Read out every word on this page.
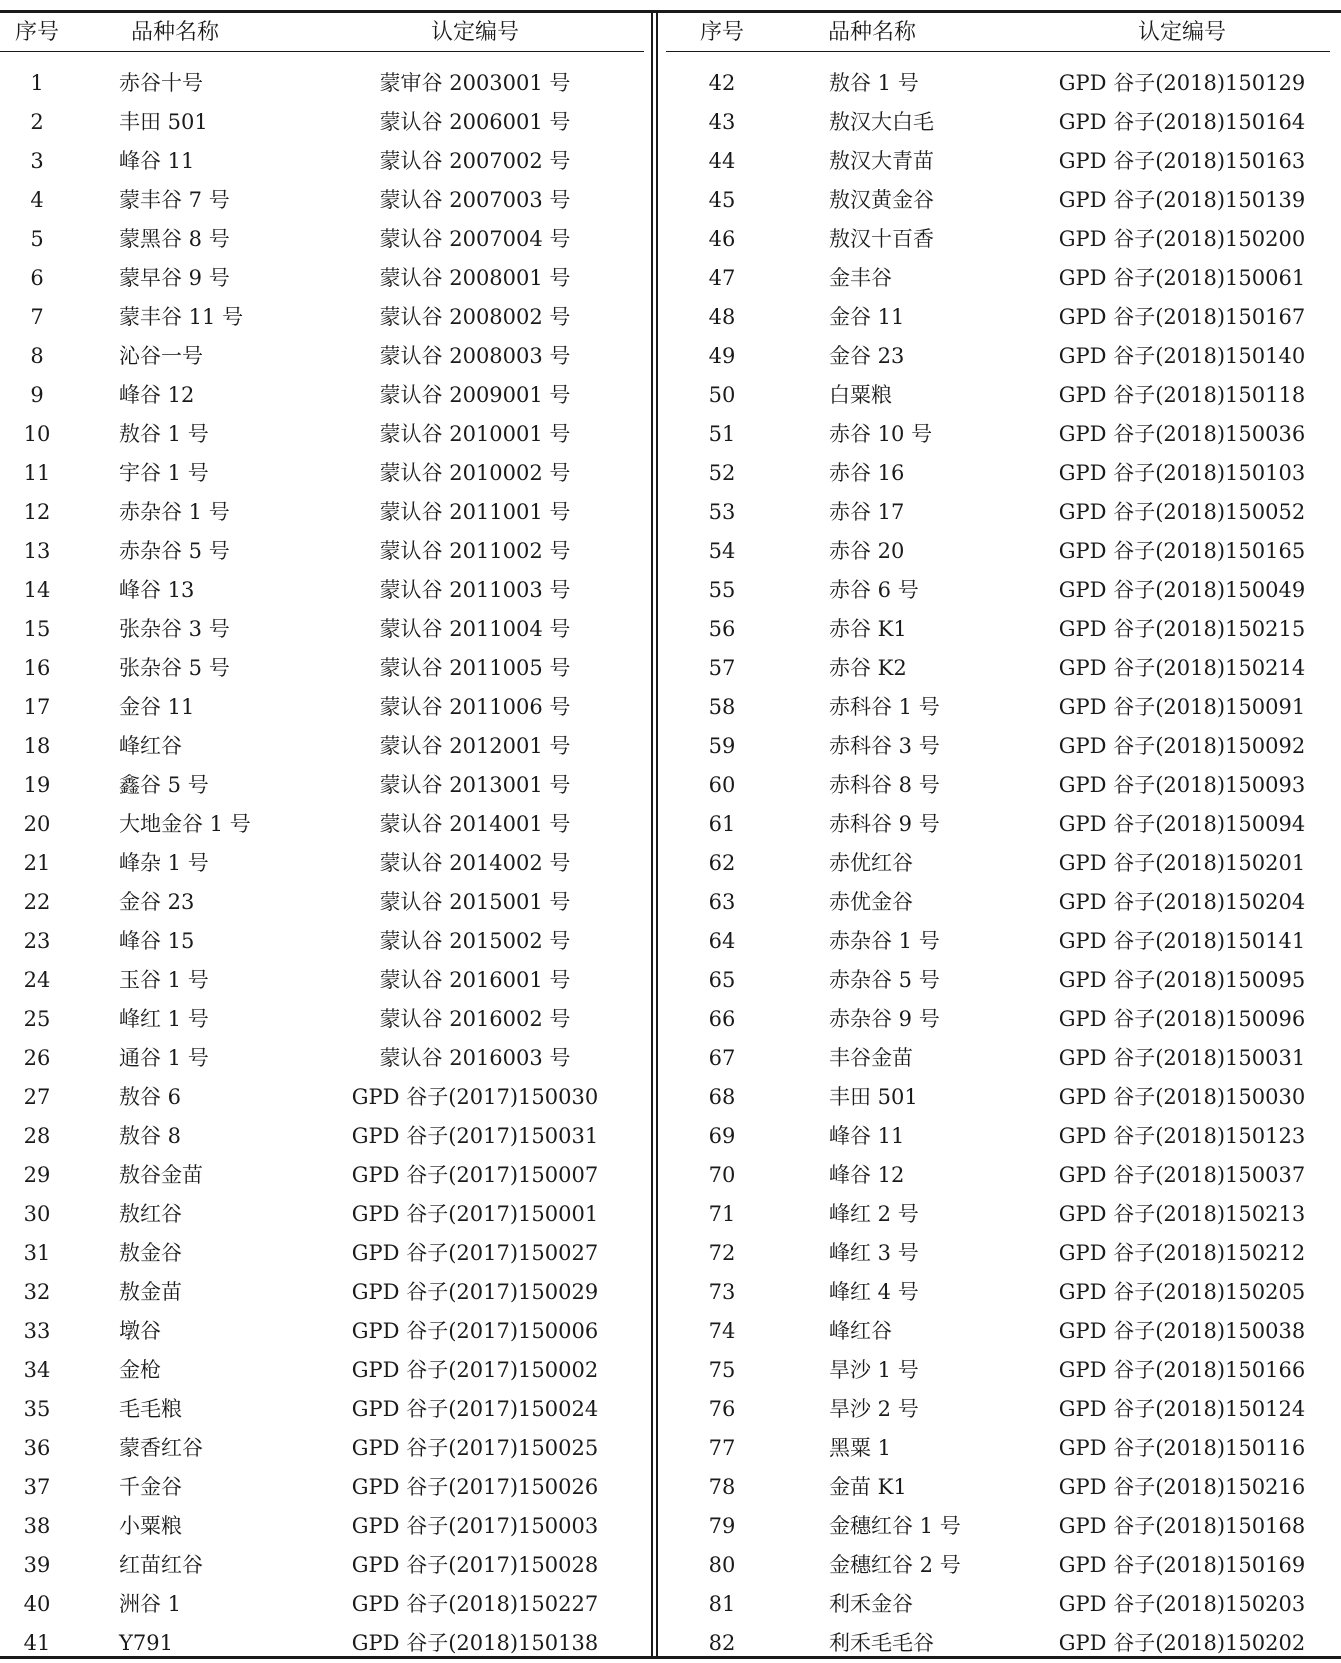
序号	品种名称	认定编号
1	赤谷十号	蒙审谷 2003001 号
2	丰田 501	蒙认谷 2006001 号
3	峰谷 11	蒙认谷 2007002 号
4	蒙丰谷 7 号	蒙认谷 2007003 号
5	蒙黑谷 8 号	蒙认谷 2007004 号
6	蒙早谷 9 号	蒙认谷 2008001 号
7	蒙丰谷 11 号	蒙认谷 2008002 号
8	沁谷一号	蒙认谷 2008003 号
9	峰谷 12	蒙认谷 2009001 号
10	敖谷 1 号	蒙认谷 2010001 号
11	宇谷 1 号	蒙认谷 2010002 号
12	赤杂谷 1 号	蒙认谷 2011001 号
13	赤杂谷 5 号	蒙认谷 2011002 号
14	峰谷 13	蒙认谷 2011003 号
15	张杂谷 3 号	蒙认谷 2011004 号
16	张杂谷 5 号	蒙认谷 2011005 号
17	金谷 11	蒙认谷 2011006 号
18	峰红谷	蒙认谷 2012001 号
19	鑫谷 5 号	蒙认谷 2013001 号
20	大地金谷 1 号	蒙认谷 2014001 号
21	峰杂 1 号	蒙认谷 2014002 号
22	金谷 23	蒙认谷 2015001 号
23	峰谷 15	蒙认谷 2015002 号
24	玉谷 1 号	蒙认谷 2016001 号
25	峰红 1 号	蒙认谷 2016002 号
26	通谷 1 号	蒙认谷 2016003 号
27	敖谷 6	GPD 谷子(2017)150030
28	敖谷 8	GPD 谷子(2017)150031
29	敖谷金苗	GPD 谷子(2017)150007
30	敖红谷	GPD 谷子(2017)150001
31	敖金谷	GPD 谷子(2017)150027
32	敖金苗	GPD 谷子(2017)150029
33	墩谷	GPD 谷子(2017)150006
34	金枪	GPD 谷子(2017)150002
35	毛毛粮	GPD 谷子(2017)150024
36	蒙香红谷	GPD 谷子(2017)150025
37	千金谷	GPD 谷子(2017)150026
38	小粟粮	GPD 谷子(2017)150003
39	红苗红谷	GPD 谷子(2017)150028
40	洲谷 1	GPD 谷子(2018)150227
41	Y791	GPD 谷子(2018)150138
序号	品种名称	认定编号
42	敖谷 1 号	GPD 谷子(2018)150129
43	敖汉大白毛	GPD 谷子(2018)150164
44	敖汉大青苗	GPD 谷子(2018)150163
45	敖汉黄金谷	GPD 谷子(2018)150139
46	敖汉十百香	GPD 谷子(2018)150200
47	金丰谷	GPD 谷子(2018)150061
48	金谷 11	GPD 谷子(2018)150167
49	金谷 23	GPD 谷子(2018)150140
50	白粟粮	GPD 谷子(2018)150118
51	赤谷 10 号	GPD 谷子(2018)150036
52	赤谷 16	GPD 谷子(2018)150103
53	赤谷 17	GPD 谷子(2018)150052
54	赤谷 20	GPD 谷子(2018)150165
55	赤谷 6 号	GPD 谷子(2018)150049
56	赤谷 K1	GPD 谷子(2018)150215
57	赤谷 K2	GPD 谷子(2018)150214
58	赤科谷 1 号	GPD 谷子(2018)150091
59	赤科谷 3 号	GPD 谷子(2018)150092
60	赤科谷 8 号	GPD 谷子(2018)150093
61	赤科谷 9 号	GPD 谷子(2018)150094
62	赤优红谷	GPD 谷子(2018)150201
63	赤优金谷	GPD 谷子(2018)150204
64	赤杂谷 1 号	GPD 谷子(2018)150141
65	赤杂谷 5 号	GPD 谷子(2018)150095
66	赤杂谷 9 号	GPD 谷子(2018)150096
67	丰谷金苗	GPD 谷子(2018)150031
68	丰田 501	GPD 谷子(2018)150030
69	峰谷 11	GPD 谷子(2018)150123
70	峰谷 12	GPD 谷子(2018)150037
71	峰红 2 号	GPD 谷子(2018)150213
72	峰红 3 号	GPD 谷子(2018)150212
73	峰红 4 号	GPD 谷子(2018)150205
74	峰红谷	GPD 谷子(2018)150038
75	旱沙 1 号	GPD 谷子(2018)150166
76	旱沙 2 号	GPD 谷子(2018)150124
77	黑粟 1	GPD 谷子(2018)150116
78	金苗 K1	GPD 谷子(2018)150216
79	金穗红谷 1 号	GPD 谷子(2018)150168
80	金穗红谷 2 号	GPD 谷子(2018)150169
81	利禾金谷	GPD 谷子(2018)150203
82	利禾毛毛谷	GPD 谷子(2018)150202
